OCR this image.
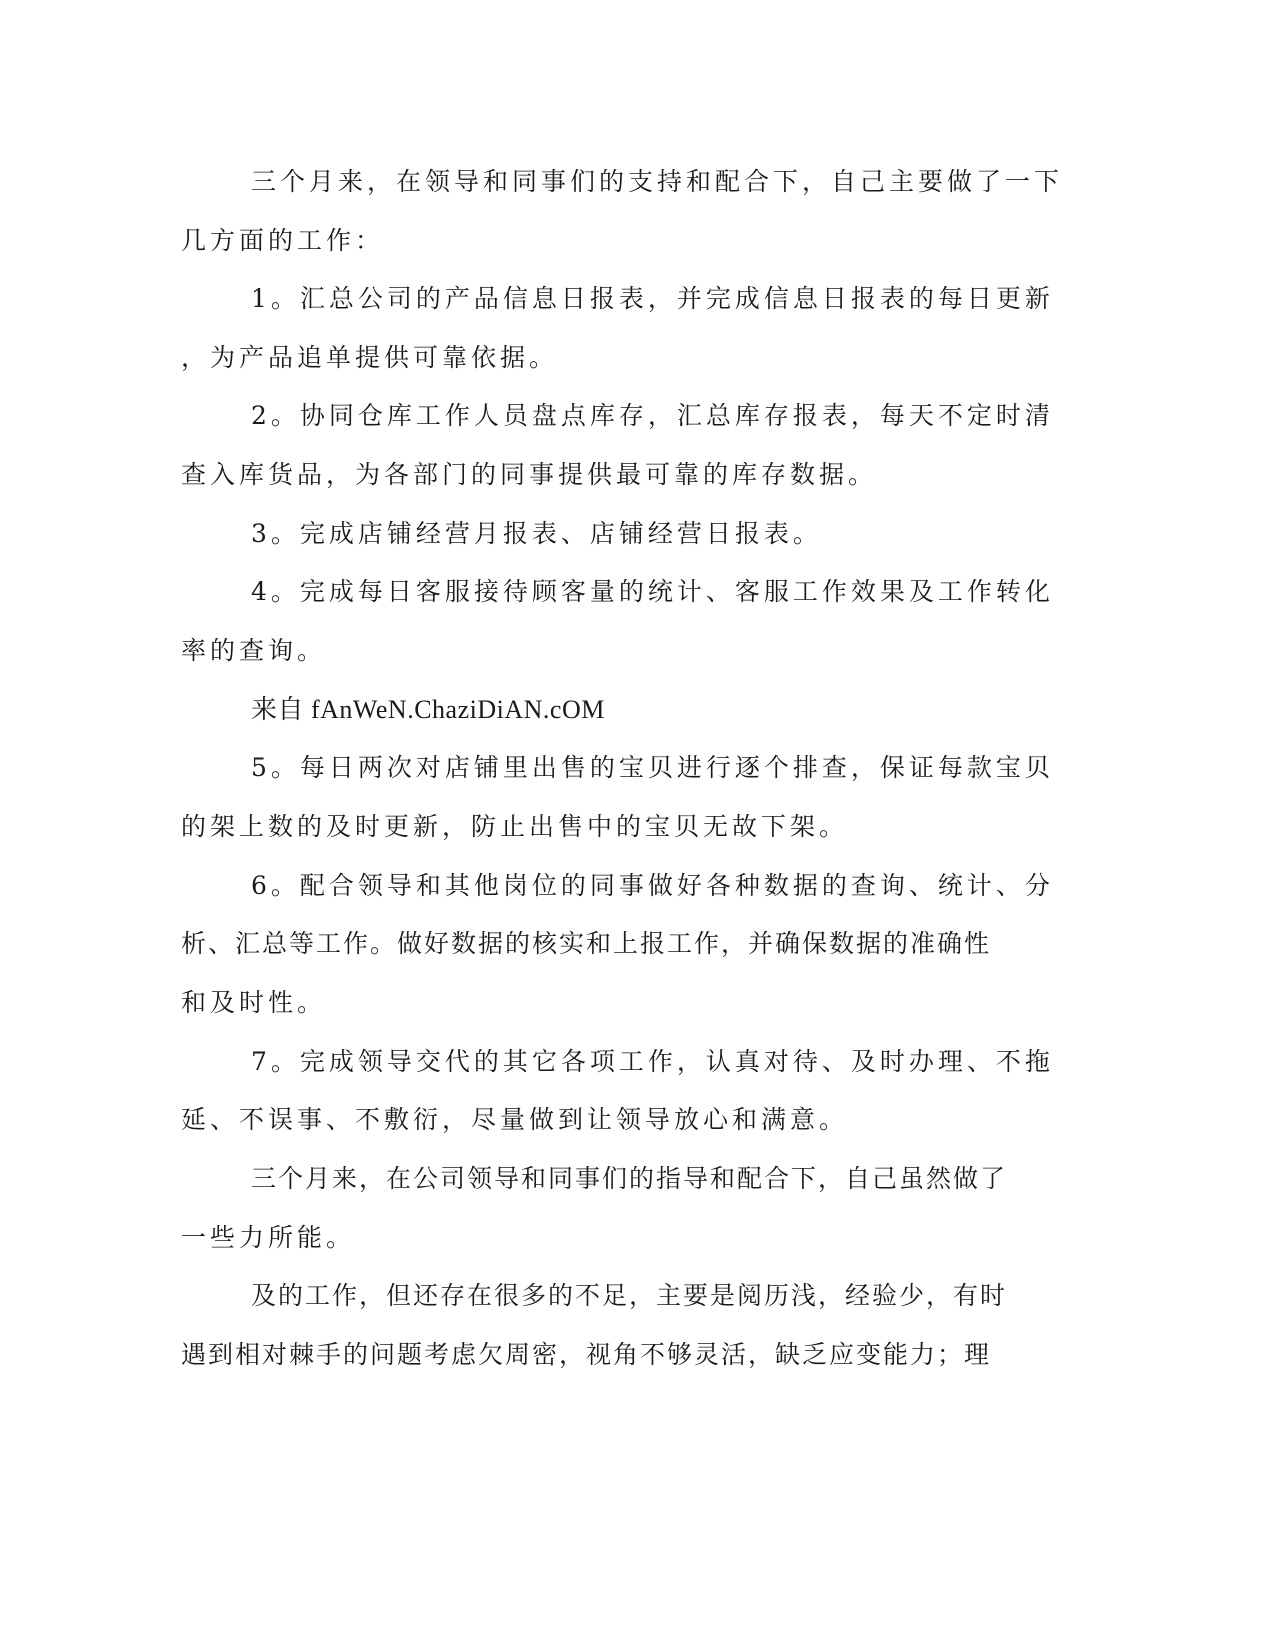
三个月来，在领导和同事们的支持和配合下，自己主要做了一下
几方面的工作：
1。汇总公司的产品信息日报表，并完成信息日报表的每日更新
，为产品追单提供可靠依据。
2。协同仓库工作人员盘点库存，汇总库存报表，每天不定时清
查入库货品，为各部门的同事提供最可靠的库存数据。
3。完成店铺经营月报表、店铺经营日报表。
4。完成每日客服接待顾客量的统计、客服工作效果及工作转化
率的查询。
来自 fAnWeN.ChaziDiAN.cOM
5。每日两次对店铺里出售的宝贝进行逐个排查，保证每款宝贝
的架上数的及时更新，防止出售中的宝贝无故下架。
6。配合领导和其他岗位的同事做好各种数据的查询、统计、分
析、汇总等工作。做好数据的核实和上报工作，并确保数据的准确性
和及时性。
7。完成领导交代的其它各项工作，认真对待、及时办理、不拖
延、不误事、不敷衍，尽量做到让领导放心和满意。
三个月来，在公司领导和同事们的指导和配合下，自己虽然做了
一些力所能。
及的工作，但还存在很多的不足，主要是阅历浅，经验少，有时
遇到相对棘手的问题考虑欠周密，视角不够灵活，缺乏应变能力；理
